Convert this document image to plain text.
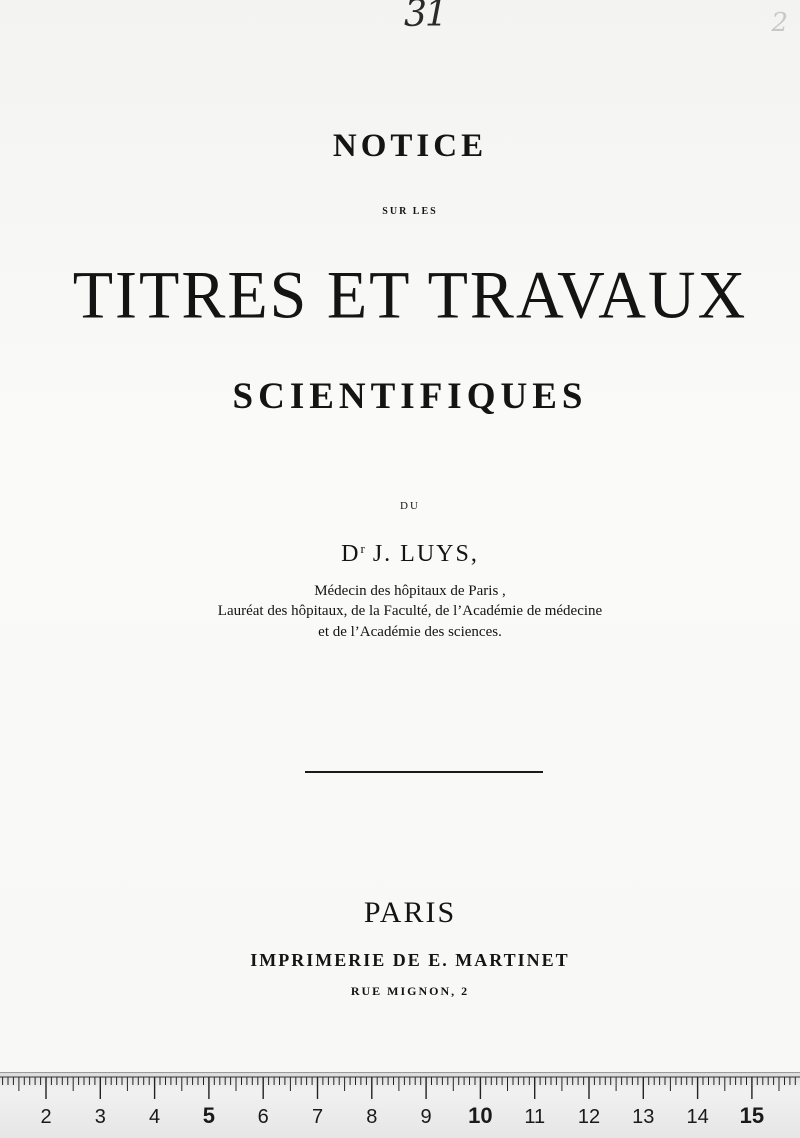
31	2
NOTICE
SUR LES
TITRES ET TRAVAUX
SCIENTIFIQUES
DU
$D^r$ J. LUYS,
Médecin des hôpitaux de Paris ,
Lauréat des hôpitaux, de la Faculté, de l’Académie de médecine
et de l’Académie des sciences.
PARIS
IMPRIMERIE DE E. MARTINET
RUE MIGNON, 2
2 3 4 5 6 7 8 9 10 11 12 13 14 15
